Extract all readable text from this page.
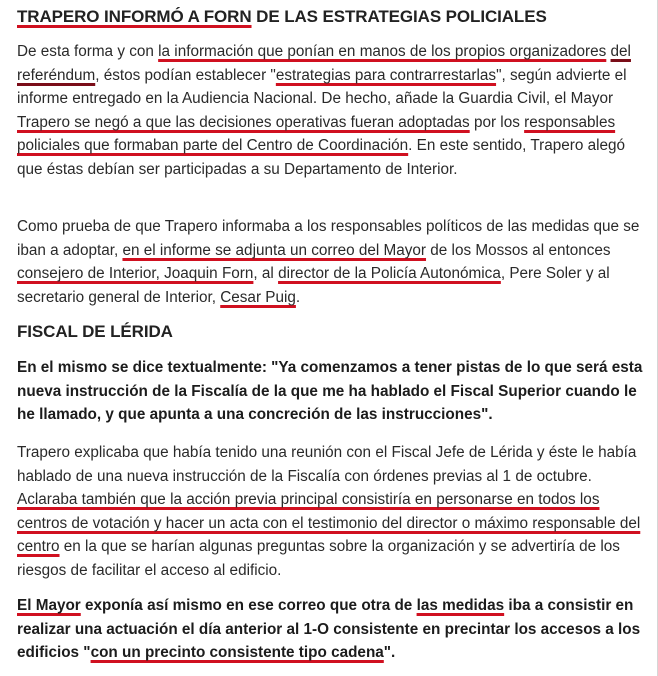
TRAPERO INFORMÓ A FORN DE LAS ESTRATEGIAS POLICIALES

De esta forma y con la información que ponían en manos de los propios organizadores del referéndum, éstos podían establecer "estrategias para contrarrestarlas", según advierte el informe entregado en la Audiencia Nacional. De hecho, añade la Guardia Civil, el Mayor Trapero se negó a que las decisiones operativas fueran adoptadas por los responsables policiales que formaban parte del Centro de Coordinación. En este sentido, Trapero alegó que éstas debían ser participadas a su Departamento de Interior.

Como prueba de que Trapero informaba a los responsables políticos de las medidas que se iban a adoptar, en el informe se adjunta un correo del Mayor de los Mossos al entonces consejero de Interior, Joaquin Forn, al director de la Policía Autonómica, Pere Soler y al secretario general de Interior, Cesar Puig.

FISCAL DE LÉRIDA

En el mismo se dice textualmente: "Ya comenzamos a tener pistas de lo que será esta nueva instrucción de la Fiscalía de la que me ha hablado el Fiscal Superior cuando le he llamado, y que apunta a una concreción de las instrucciones".

Trapero explicaba que había tenido una reunión con el Fiscal Jefe de Lérida y éste le había hablado de una nueva instrucción de la Fiscalía con órdenes previas al 1 de octubre. Aclaraba también que la acción previa principal consistiría en personarse en todos los centros de votación y hacer un acta con el testimonio del director o máximo responsable del centro en la que se harían algunas preguntas sobre la organización y se advertiría de los riesgos de facilitar el acceso al edificio.

El Mayor exponía así mismo en ese correo que otra de las medidas iba a consistir en realizar una actuación el día anterior al 1-O consistente en precintar los accesos a los edificios "con un precinto consistente tipo cadena".
